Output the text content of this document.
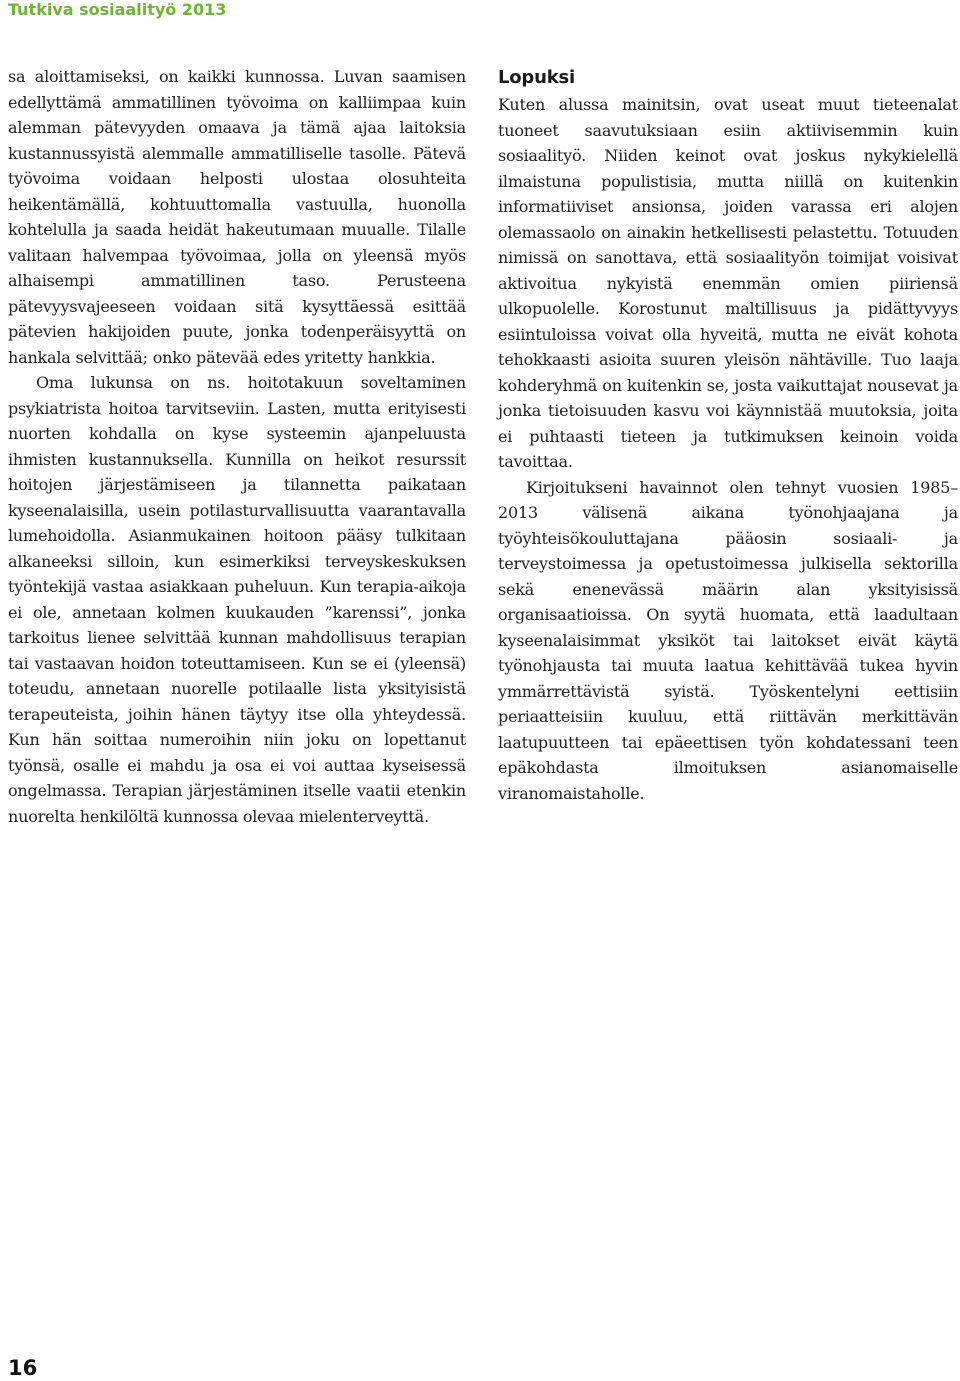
Tutkiva sosiaalityö 2013

sa aloittamiseksi, on kaikki kunnossa. Luvan saamisen edellyttämä ammatillinen työvoima on kalliimpaa kuin alemman pätevyyden omaava ja tämä ajaa laitoksia kustannussyistä alemmalle ammatilliselle tasolle. Pätevä työvoima voidaan helposti ulostaa olosuhteita heikentämällä, kohtuuttomalla vastuulla, huonolla kohtelulla ja saada heidät hakeutumaan muualle. Tilalle valitaan halvempaa työvoimaa, jolla on yleensä myös alhaisempi ammatillinen taso. Perusteena pätevyysvajeeseen voidaan sitä kysyttäessä esittää pätevien hakijoiden puute, jonka todenperäisyyttä on hankala selvittää; onko pätevää edes yritetty hankkia.

Oma lukunsa on ns. hoitotakuun soveltaminen psykiatrista hoitoa tarvitseviin. Lasten, mutta erityisesti nuorten kohdalla on kyse systeemin ajanpeluusta ihmisten kustannuksella. Kunnilla on heikot resurssit hoitojen järjestämiseen ja tilannetta paikataan kyseenalaisilla, usein potilasturvallisuutta vaarantavalla lumehoidolla. Asianmukainen hoitoon pääsy tulkitaan alkaneeksi silloin, kun esimerkiksi terveyskeskuksen työntekijä vastaa asiakkaan puheluun. Kun terapia-aikoja ei ole, annetaan kolmen kuukauden ”karenssi”, jonka tarkoitus lienee selvittää kunnan mahdollisuus terapian tai vastaavan hoidon toteuttamiseen. Kun se ei (yleensä) toteudu, annetaan nuorelle potilaalle lista yksityisistä terapeuteista, joihin hänen täytyy itse olla yhteydessä. Kun hän soittaa numeroihin niin joku on lopettanut työnsä, osalle ei mahdu ja osa ei voi auttaa kyseisessä ongelmassa. Terapian järjestäminen itselle vaatii etenkin nuorelta henkilöltä kunnossa olevaa mielenterveyttä.

Lopuksi

Kuten alussa mainitsin, ovat useat muut tieteenalat tuoneet saavutuksiaan esiin aktiivisemmin kuin sosiaalityö. Niiden keinot ovat joskus nykykielellä ilmaistuna populistisia, mutta niillä on kuitenkin informatiiviset ansionsa, joiden varassa eri alojen olemassaolo on ainakin hetkellisesti pelastettu. Totuuden nimissä on sanottava, että sosiaalityön toimijat voisivat aktivoitua nykyistä enemmän omien piiriensä ulkopuolelle. Korostunut maltillisuus ja pidättyvyys esiintuloissa voivat olla hyveitä, mutta ne eivät kohota tehokkaasti asioita suuren yleisön nähtäville. Tuo laaja kohderyhmä on kuitenkin se, josta vaikuttajat nousevat ja jonka tietoisuuden kasvu voi käynnistää muutoksia, joita ei puhtaasti tieteen ja tutkimuksen keinoin voida tavoittaa.

Kirjoitukseni havainnot olen tehnyt vuosien 1985–2013 välisenä aikana työnohjaajana ja työyhteisökouluttajana pääosin sosiaali- ja terveystoimessa ja opetustoimessa julkisella sektorilla sekä enenevässä määrin alan yksityisissä organisaatioissa. On syytä huomata, että laadultaan kyseenalaisimmat yksiköt tai laitokset eivät käytä työnohjausta tai muuta laatua kehittävää tukea hyvin ymmärrettävistä syistä. Työskentelyni eettisiin periaatteisiin kuuluu, että riittävän merkittävän laatupuutteen tai epäeettisen työn kohdatessani teen epäkohdasta ilmoituksen asianomaiselle viranomaistaholle.

16
